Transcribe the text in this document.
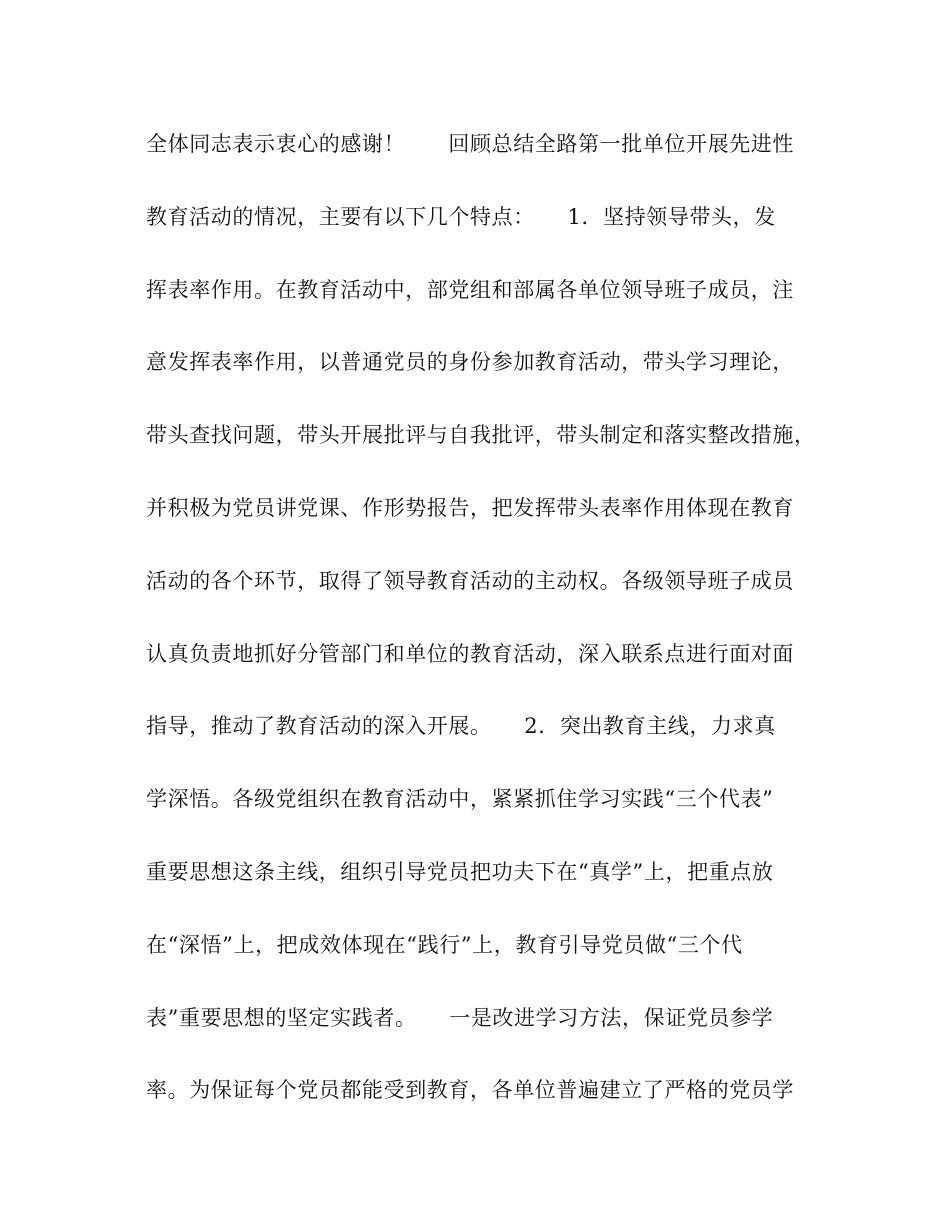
全体同志表示衷心的感谢！　　回顾总结全路第一批单位开展先进性
教育活动的情况，主要有以下几个特点：　　1．坚持领导带头，发
挥表率作用。在教育活动中，部党组和部属各单位领导班子成员，注
意发挥表率作用，以普通党员的身份参加教育活动，带头学习理论，
带头查找问题，带头开展批评与自我批评，带头制定和落实整改措施，
并积极为党员讲党课、作形势报告，把发挥带头表率作用体现在教育
活动的各个环节，取得了领导教育活动的主动权。各级领导班子成员
认真负责地抓好分管部门和单位的教育活动，深入联系点进行面对面
指导，推动了教育活动的深入开展。　　2．突出教育主线，力求真
学深悟。各级党组织在教育活动中，紧紧抓住学习实践“三个代表”
重要思想这条主线，组织引导党员把功夫下在“真学”上，把重点放
在“深悟”上，把成效体现在“践行”上，教育引导党员做“三个代
表”重要思想的坚定实践者。　　一是改进学习方法，保证党员参学
率。为保证每个党员都能受到教育，各单位普遍建立了严格的党员学
